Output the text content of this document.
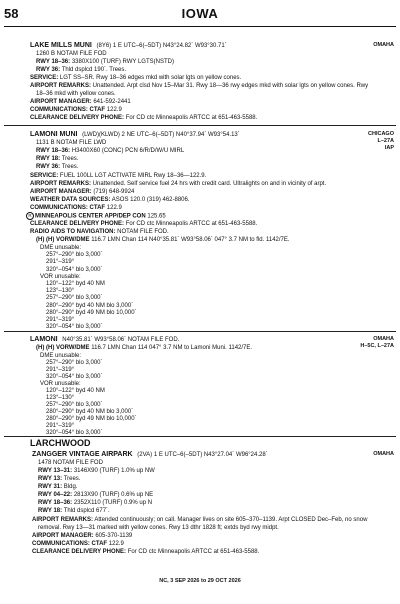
58	IOWA
LAKE MILLS MUNI (8Y6) 1 E UTC–6(–5DT) N43°24.82´ W93°30.71´	OMAHA
1260 B NOTAM FILE FOD
RWY 18–36: 3380X100 (TURF) RWY LGTS(NSTD)
RWY 36: Thld dsplcd 190´. Trees.
SERVICE: LGT SS–SR. Rwy 18–36 edges mkd with solar lgts on yellow cones.
AIRPORT REMARKS: Unattended. Arpt clsd Nov 15–Mar 31. Rwy 18—36 rwy edges mkd with solar lgts on yellow cones. Rwy
18–36 mkd with yellow cones.
AIRPORT MANAGER: 641-592-2441
COMMUNICATIONS: CTAF 122.9
CLEARANCE DELIVERY PHONE: For CD ctc Minneapolis ARTCC at 651-463-5588.
LAMONI MUNI (LWD)(KLWD) 2 NE UTC–6(–5DT) N40°37.94´ W93°54.13´	CHICAGO
L–27A
IAP
1131 B NOTAM FILE LWD
RWY 18–36: H3400X60 (CONC) PCN 6/R/D/W/U MIRL
RWY 18: Trees.
RWY 36: Trees.
SERVICE: FUEL 100LL LGT ACTIVATE MIRL Rwy 18–36—122.9.
AIRPORT REMARKS: Unattended. Self service fuel 24 hrs with credit card. Ultralights on and in vicinity of arpt.
AIRPORT MANAGER: (719) 648-9924
WEATHER DATA SOURCES: ASOS 120.0 (319) 462-8806.
COMMUNICATIONS: CTAF 122.9
R MINNEAPOLIS CENTER APP/DEP CON 125.65
CLEARANCE DELIVERY PHONE: For CD ctc Minneapolis ARTCC at 651-463-5588.
RADIO AIDS TO NAVIGATION: NOTAM FILE FOD.
(H) (H) VORW/DME 116.7 LMN Chan 114 N40°35.81´ W93°58.06´ 047° 3.7 NM to fld. 1142/7E.
DME unusable:
257°–290° blo 3,000´
291°–319°
320°–054° blo 3,000´
VOR unusable:
120°–122° byd 40 NM
123°–130°
257°–290° blo 3,000´
280°–290° byd 40 NM blo 3,000´
280°–290° byd 49 NM blo 10,000´
291°–319°
320°–054° blo 3,000´
LAMONI N40°35.81´ W93°58.06´ NOTAM FILE FOD.	OMAHA
H–5C, L–27A
(H) (H) VORW/DME 116.7 LMN Chan 114 047° 3.7 NM to Lamoni Muni. 1142/7E.
DME unusable:
257°–290° blo 3,000´
291°–319°
320°–054° blo 3,000´
VOR unusable:
120°–122° byd 40 NM
123°–130°
257°–290° blo 3,000´
280°–290° byd 40 NM blo 3,000´
280°–290° byd 49 NM blo 10,000´
291°–319°
320°–054° blo 3,000´
LARCHWOOD
ZANGGER VINTAGE AIRPARK (2VA) 1 E UTC–6(–5DT) N43°27.04´ W96°24.28´	OMAHA
1478 NOTAM FILE FOD
RWY 13–31: 3146X90 (TURF) 1.0% up NW
RWY 13: Trees.
RWY 31: Bldg.
RWY 04–22: 2813X90 (TURF) 0.6% up NE
RWY 18–36: 2352X110 (TURF) 0.9% up N
RWY 18: Thld dsplcd 677´.
AIRPORT REMARKS: Attended continuously; on call. Manager lives on site 605–370–1139. Arpt CLOSED Dec–Feb, no snow
removal. Rwy 13—31 marked with yellow cones. Rwy 13 dthr 1828 ft; extds byd rwy midpt.
AIRPORT MANAGER: 605-370-1139
COMMUNICATIONS: CTAF 122.9
CLEARANCE DELIVERY PHONE: For CD ctc Minneapolis ARTCC at 651-463-5588.
NC, 3 SEP 2026 to 29 OCT 2026
